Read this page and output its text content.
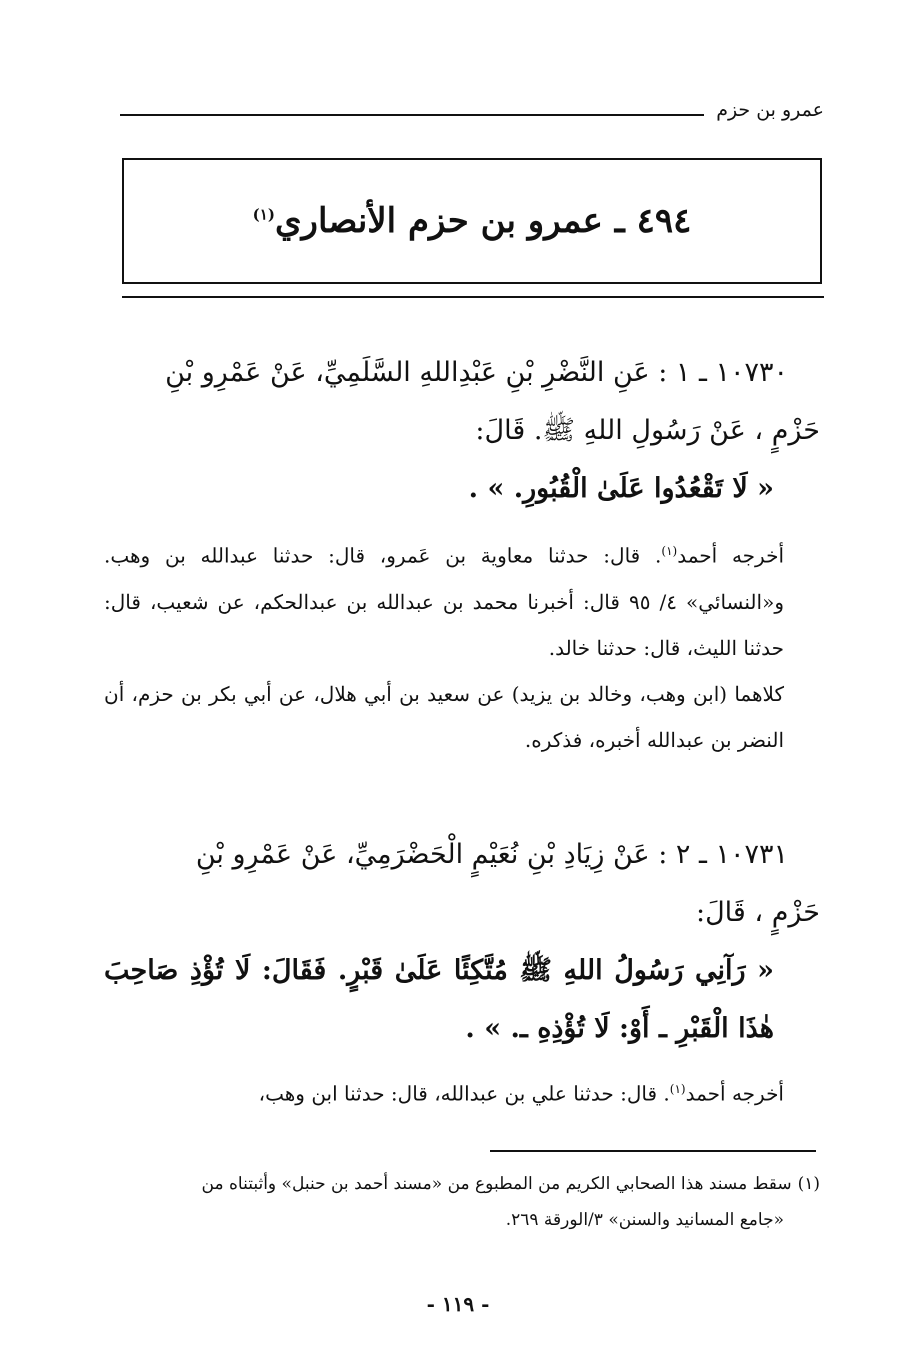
عمرو بن حزم
٤٩٤ ـ عمرو بن حزم الأنصاري$^{(١)}$
١٠٧٣٠ ـ ١ : عَنِ النَّضْرِ بْنِ عَبْدِاللهِ السَّلَمِيِّ، عَنْ عَمْرِو بْنِ
حَزْمٍ ، عَنْ رَسُولِ اللهِ ﷺ. قَالَ:
« لَا تَقْعُدُوا عَلَىٰ الْقُبُورِ. » .
أخرجه أحمد$^{(١)}$. قال: حدثنا معاوية بن عَمرو، قال: حدثنا عبدالله بن وهب. و«النسائي» ٤/ ٩٥ قال: أخبرنا محمد بن عبدالله بن عبدالحكم، عن شعيب، قال: حدثنا الليث، قال: حدثنا خالد.
كلاهما (ابن وهب، وخالد بن يزيد) عن سعيد بن أبي هلال، عن أبي بكر بن حزم، أن النضر بن عبدالله أخبره، فذكره.
١٠٧٣١ ـ ٢ : عَنْ زِيَادِ بْنِ نُعَيْمٍ الْحَضْرَمِيِّ، عَنْ عَمْرِو بْنِ
حَزْمٍ ، قَالَ:
« رَآنِي رَسُولُ اللهِ ﷺ مُتَّكِئًا عَلَىٰ قَبْرٍ. فَقَالَ: لَا تُؤْذِ صَاحِبَ هٰذَا الْقَبْرِ ـ أَوْ: لَا تُؤْذِهِ ـ. » .
أخرجه أحمد$^{(١)}$. قال: حدثنا علي بن عبدالله، قال: حدثنا ابن وهب،
(١)سقط مسند هذا الصحابي الكريم من المطبوع من «مسند أحمد بن حنبل» وأثبتناه من
«جامع المسانيد والسنن» ٣/الورقة ٢٦٩.
- ١١٩ -
